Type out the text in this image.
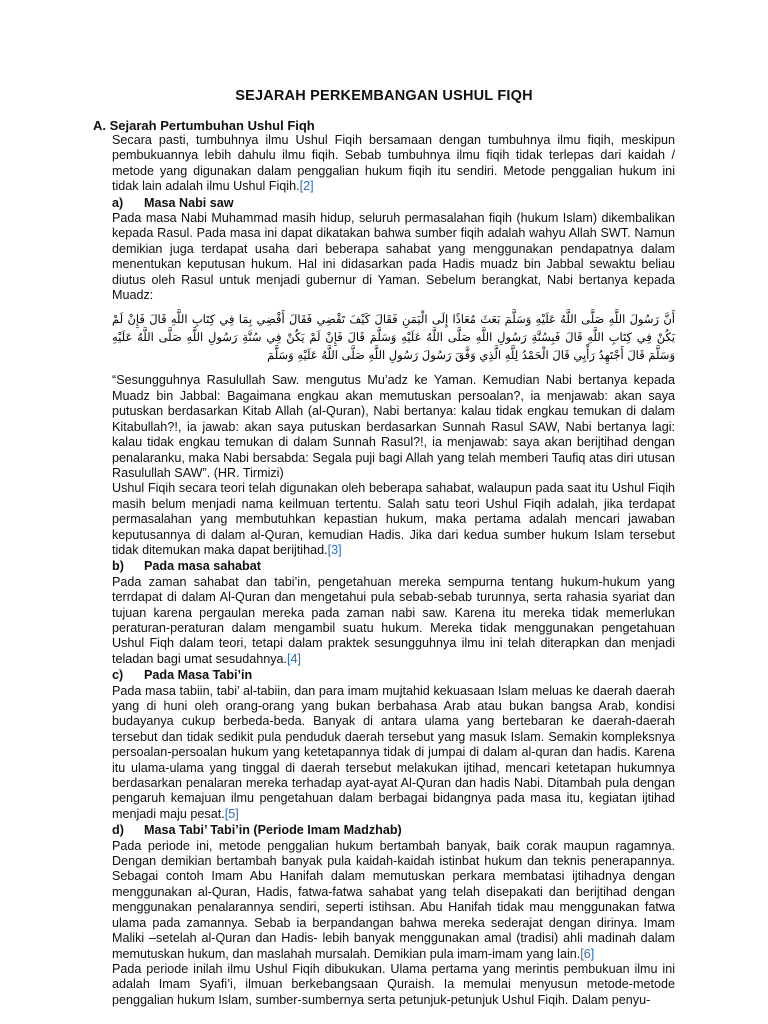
SEJARAH PERKEMBANGAN USHUL FIQH
A. Sejarah Pertumbuhan Ushul Fiqh

Secara pasti, tumbuhnya ilmu Ushul Fiqih bersamaan dengan tumbuhnya ilmu fiqih, meskipun pembukuannya lebih dahulu ilmu fiqih. Sebab tumbuhnya ilmu fiqih tidak terlepas dari kaidah / metode yang digunakan dalam penggalian hukum fiqih itu sendiri. Metode penggalian hukum ini tidak lain adalah ilmu Ushul Fiqih.[2]

a) Masa Nabi saw

Pada masa Nabi Muhammad masih hidup, seluruh permasalahan fiqih (hukum Islam) dikembalikan kepada Rasul. Pada masa ini dapat dikatakan bahwa sumber fiqih adalah wahyu Allah SWT. Namun demikian juga terdapat usaha dari beberapa sahabat yang menggunakan pendapatnya dalam menentukan keputusan hukum. Hal ini didasarkan pada Hadis muadz bin Jabbal sewaktu beliau diutus oleh Rasul untuk menjadi gubernur di Yaman. Sebelum berangkat, Nabi bertanya kepada Muadz:

أَنَّ رَسُولَ اللَّهِ صَلَّى اللَّهُ عَلَيْهِ وَسَلَّمَ بَعَثَ مُعَاذًا إِلَى الْيَمَنِ فَقَالَ كَيْفَ تَقْضِي فَقَالَ أَقْضِي بِمَا فِي كِتَابِ اللَّهِ قَالَ فَإِنْ لَمْ يَكُنْ فِي كِتَابِ اللَّهِ قَالَ فَبِسُنَّةِ رَسُولِ اللَّهِ صَلَّى اللَّهُ عَلَيْهِ وَسَلَّمَ قَالَ فَإِنْ لَمْ يَكُنْ فِي سُنَّةِ رَسُولِ اللَّهِ صَلَّى اللَّهُ عَلَيْهِ وَسَلَّمَ قَالَ أَجْتَهِدُ رَأْيِي قَالَ الْحَمْدُ لِلَّهِ الَّذِي وَفَّقَ رَسُولَ رَسُولِ اللَّهِ صَلَّى اللَّهُ عَلَيْهِ وَسَلَّمَ

“Sesungguhnya Rasulullah Saw. mengutus Mu’adz ke Yaman. Kemudian Nabi bertanya kepada Muadz bin Jabbal: Bagaimana engkau akan memutuskan persoalan?, ia menjawab: akan saya putuskan berdasarkan Kitab Allah (al-Quran), Nabi bertanya: kalau tidak engkau temukan di dalam Kitabullah?!, ia jawab: akan saya putuskan berdasarkan Sunnah Rasul SAW, Nabi bertanya lagi: kalau tidak engkau temukan di dalam Sunnah Rasul?!, ia menjawab: saya akan berijtihad dengan penalaranku, maka Nabi bersabda: Segala puji bagi Allah yang telah memberi Taufiq atas diri utusan Rasulullah SAW”. (HR. Tirmizi)

Ushul Fiqih secara teori telah digunakan oleh beberapa sahabat, walaupun pada saat itu Ushul Fiqih masih belum menjadi nama keilmuan tertentu. Salah satu teori Ushul Fiqih adalah, jika terdapat permasalahan yang membutuhkan kepastian hukum, maka pertama adalah mencari jawaban keputusannya di dalam al-Quran, kemudian Hadis. Jika dari kedua sumber hukum Islam tersebut tidak ditemukan maka dapat berijtihad.[3]

b) Pada masa sahabat

Pada zaman sahabat dan tabi’in, pengetahuan mereka sempurna tentang hukum-hukum yang terrdapat di dalam Al-Quran dan mengetahui pula sebab-sebab turunnya, serta rahasia syariat dan tujuan karena pergaulan mereka pada zaman nabi saw. Karena itu mereka tidak memerlukan peraturan-peraturan dalam mengambil suatu hukum. Mereka tidak menggunakan pengetahuan Ushul Fiqh dalam teori, tetapi dalam praktek sesungguhnya ilmu ini telah diterapkan dan menjadi teladan bagi umat sesudahnya.[4]

c) Pada Masa Tabi’in

Pada masa tabiin, tabi’ al-tabiin, dan para imam mujtahid kekuasaan Islam meluas ke daerah daerah yang di huni oleh orang-orang yang bukan berbahasa Arab atau bukan bangsa Arab, kondisi budayanya cukup berbeda-beda. Banyak di antara ulama yang bertebaran ke daerah-daerah tersebut dan tidak sedikit pula penduduk daerah tersebut yang masuk Islam. Semakin kompleksnya persoalan-persoalan hukum yang ketetapannya tidak di jumpai di dalam al-quran dan hadis. Karena itu ulama-ulama yang tinggal di daerah tersebut melakukan ijtihad, mencari ketetapan hukumnya berdasarkan penalaran mereka terhadap ayat-ayat Al-Quran dan hadis Nabi. Ditambah pula dengan pengaruh kemajuan ilmu pengetahuan dalam berbagai bidangnya pada masa itu, kegiatan ijtihad menjadi maju pesat.[5]

d) Masa Tabi’ Tabi’in (Periode Imam Madzhab)

Pada periode ini, metode penggalian hukum bertambah banyak, baik corak maupun ragamnya. Dengan demikian bertambah banyak pula kaidah-kaidah istinbat hukum dan teknis penerapannya. Sebagai contoh Imam Abu Hanifah dalam memutuskan perkara membatasi ijtihadnya dengan menggunakan al-Quran, Hadis, fatwa-fatwa sahabat yang telah disepakati dan berijtihad dengan menggunakan penalarannya sendiri, seperti istihsan. Abu Hanifah tidak mau menggunakan fatwa ulama pada zamannya. Sebab ia berpandangan bahwa mereka sederajat dengan dirinya. Imam Maliki –setelah al-Quran dan Hadis- lebih banyak menggunakan amal (tradisi) ahli madinah dalam memutuskan hukum, dan maslahah mursalah. Demikian pula imam-imam yang lain.[6]

Pada periode inilah ilmu Ushul Fiqih dibukukan. Ulama pertama yang merintis pembukuan ilmu ini adalah Imam Syafi’i, ilmuan berkebangsaan Quraish. Ia memulai menyusun metode-metode penggalian hukum Islam, sumber-sumbernya serta petunjuk-petunjuk Ushul Fiqih. Dalam penyu-
